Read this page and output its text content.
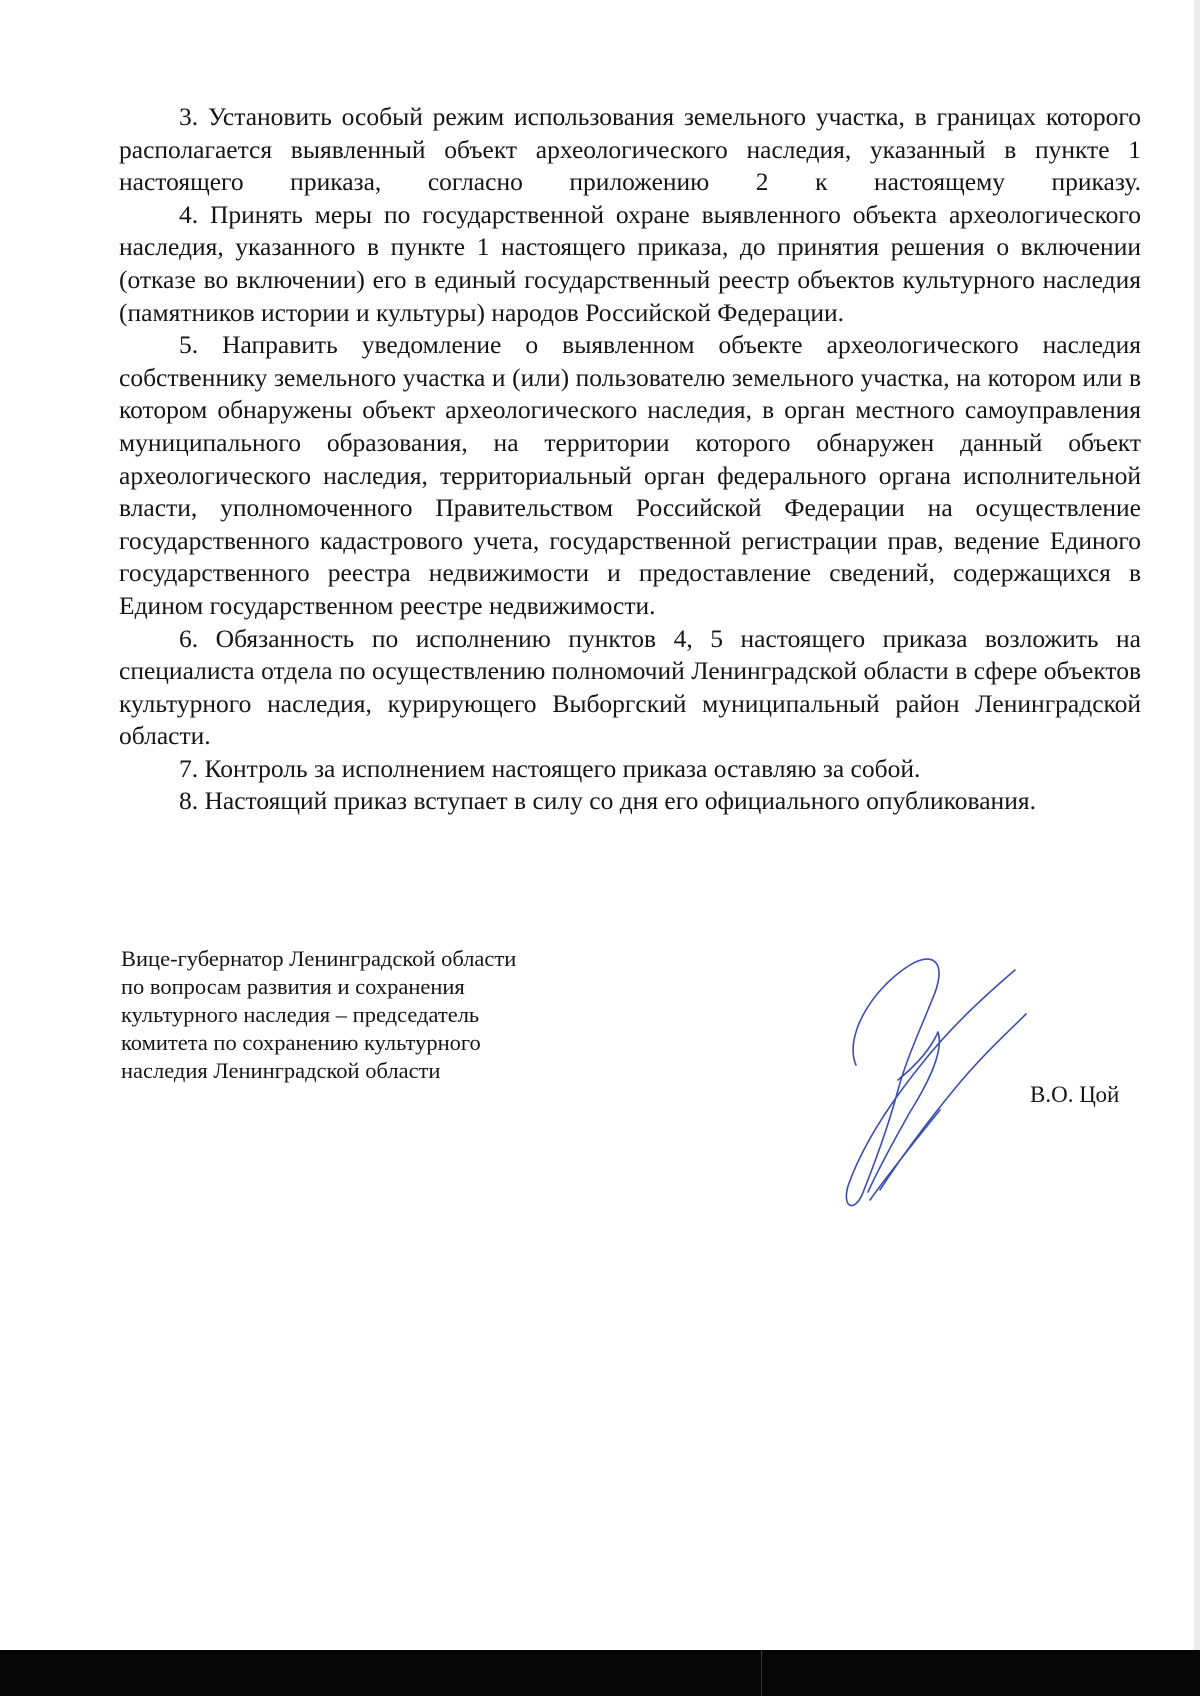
3. Установить особый режим использования земельного участка, в границах которого располагается выявленный объект археологического наследия, указанный в пункте 1 настоящего приказа, согласно приложению 2 к настоящему приказу.

4. Принять меры по государственной охране выявленного объекта археологического наследия, указанного в пункте 1 настоящего приказа, до принятия решения о включении (отказе во включении) его в единый государственный реестр объектов культурного наследия (памятников истории и культуры) народов Российской Федерации.

5. Направить уведомление о выявленном объекте археологического наследия собственнику земельного участка и (или) пользователю земельного участка, на котором или в котором обнаружены объект археологического наследия, в орган местного самоуправления муниципального образования, на территории которого обнаружен данный объект археологического наследия, территориальный орган федерального органа исполнительной власти, уполномоченного Правительством Российской Федерации на осуществление государственного кадастрового учета, государственной регистрации прав, ведение Единого государственного реестра недвижимости и предоставление сведений, содержащихся в Едином государственном реестре недвижимости.

6. Обязанность по исполнению пунктов 4, 5 настоящего приказа возложить на специалиста отдела по осуществлению полномочий Ленинградской области в сфере объектов культурного наследия, курирующего Выборгский муниципальный район Ленинградской области.

7. Контроль за исполнением настоящего приказа оставляю за собой.

8. Настоящий приказ вступает в силу со дня его официального опубликования.

Вице-губернатор Ленинградской области
по вопросам развития и сохранения
культурного наследия – председатель
комитета по сохранению культурного
наследия Ленинградской области
В.О. Цой
